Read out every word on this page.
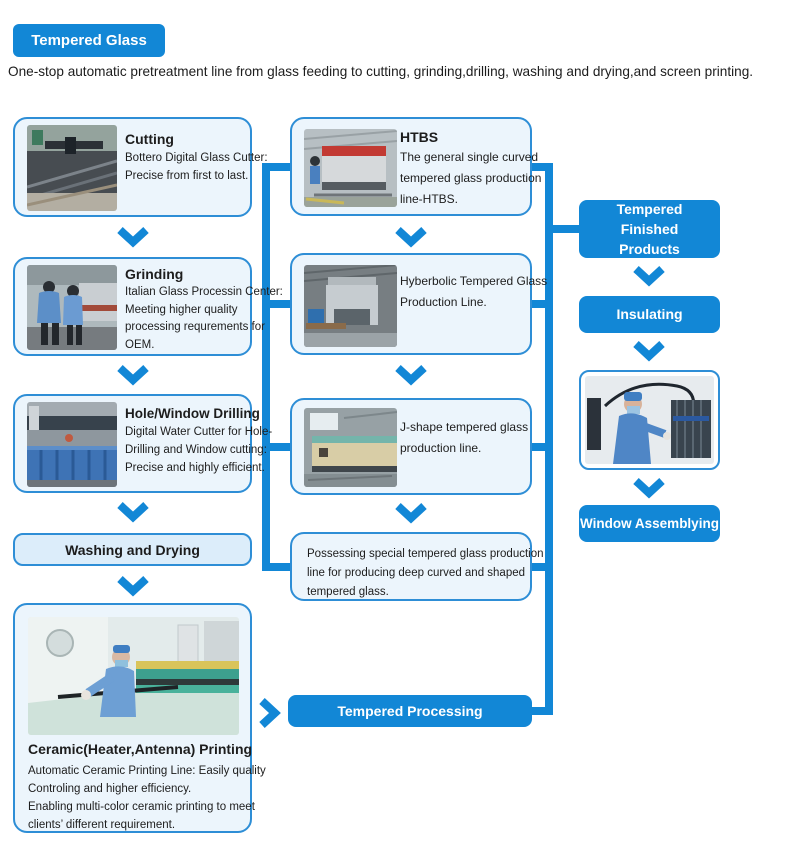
Tempered Glass
One-stop automatic pretreatment line from glass feeding to cutting, grinding,drilling, washing and drying,and screen printing.
Cutting
Bottero Digital Glass Cutter:
Precise from first to last.
Grinding
Italian Glass Processin Center:
Meeting higher quality
processing requrements for
OEM.
Hole/Window Drilling
Digital Water Cutter for Hole-
Drilling and Window cutting:
Precise and highly efficient.
Washing and Drying
Ceramic(Heater,Antenna) Printing
Automatic Ceramic Printing Line: Easily quality
Controling and higher efficiency.
Enabling multi-color ceramic printing to meet
clients’ different requirement.
HTBS
The general single curved
tempered glass production
line-HTBS.
Hyberbolic Tempered Glass
Production Line.
J-shape tempered glass
production line.
Possessing special tempered glass production
line for producing deep curved and shaped
tempered glass.
Tempered Processing
Tempered Finished Products
Insulating
Window Assemblying
